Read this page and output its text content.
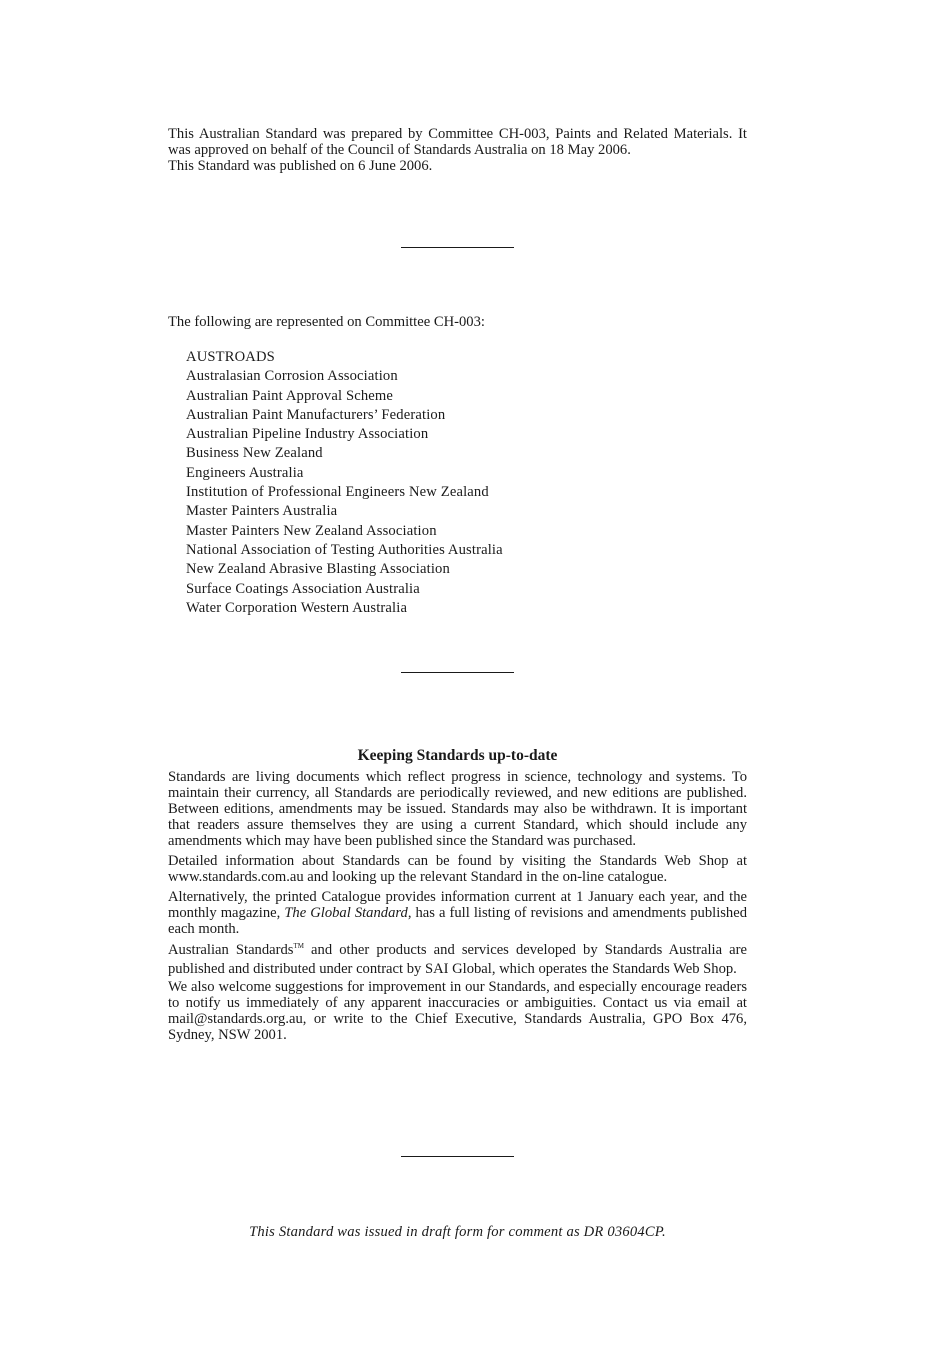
This Australian Standard was prepared by Committee CH-003, Paints and Related Materials. It was approved on behalf of the Council of Standards Australia on 18 May 2006.

This Standard was published on 6 June 2006.

The following are represented on Committee CH-003:
AUSTROADS
Australasian Corrosion Association
Australian Paint Approval Scheme
Australian Paint Manufacturers’ Federation
Australian Pipeline Industry Association
Business New Zealand
Engineers Australia
Institution of Professional Engineers New Zealand
Master Painters Australia
Master Painters New Zealand Association
National Association of Testing Authorities Australia
New Zealand Abrasive Blasting Association
Surface Coatings Association Australia
Water Corporation Western Australia
Keeping Standards up-to-date

Standards are living documents which reflect progress in science, technology and systems. To maintain their currency, all Standards are periodically reviewed, and new editions are published. Between editions, amendments may be issued. Standards may also be withdrawn. It is important that readers assure themselves they are using a current Standard, which should include any amendments which may have been published since the Standard was purchased.

Detailed information about Standards can be found by visiting the Standards Web Shop at www.standards.com.au and looking up the relevant Standard in the on-line catalogue.

Alternatively, the printed Catalogue provides information current at 1 January each year, and the monthly magazine, The Global Standard, has a full listing of revisions and amendments published each month.

Australian Standards™ and other products and services developed by Standards Australia are published and distributed under contract by SAI Global, which operates the Standards Web Shop.

We also welcome suggestions for improvement in our Standards, and especially encourage readers to notify us immediately of any apparent inaccuracies or ambiguities. Contact us via email at mail@standards.org.au, or write to the Chief Executive, Standards Australia, GPO Box 476, Sydney, NSW 2001.

This Standard was issued in draft form for comment as DR 03604CP.
